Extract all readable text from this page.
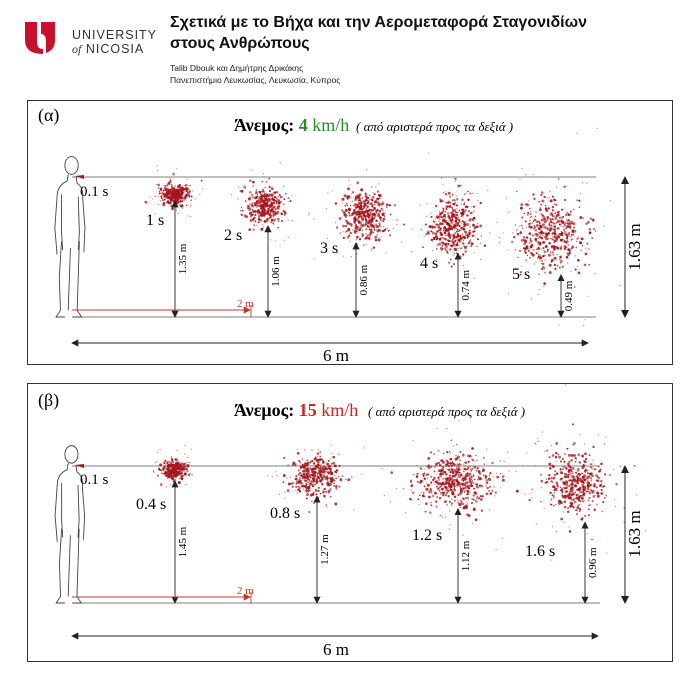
UNIVERSITY
of NICOSIA
Σχετικά με το Βήχα και την Αερομεταφορά Σταγονιδίων
στους Ανθρώπους
Talib Dbouk και Δημήτρης Δρικάκης
Πανεπιστήμιο Λευκωσίας, Λευκωσία, Κύπρος
(α)	Άνεμος: 4 km/h ( από αριστερά προς τα δεξιά )
0.1 s
1.35 m
1 s
1.06 m
2 s
0.86 m
3 s
0.74 m
4 s
0.49 m
5 s
2 m
6 m
1.63 m
(β)	Άνεμος: 15 km/h ( από αριστερά προς τα δεξιά )
0.1 s
1.45 m
0.4 s
1.27 m
0.8 s
1.12 m
1.2 s
0.96 m
1.6 s
2 m
6 m
1.63 m
